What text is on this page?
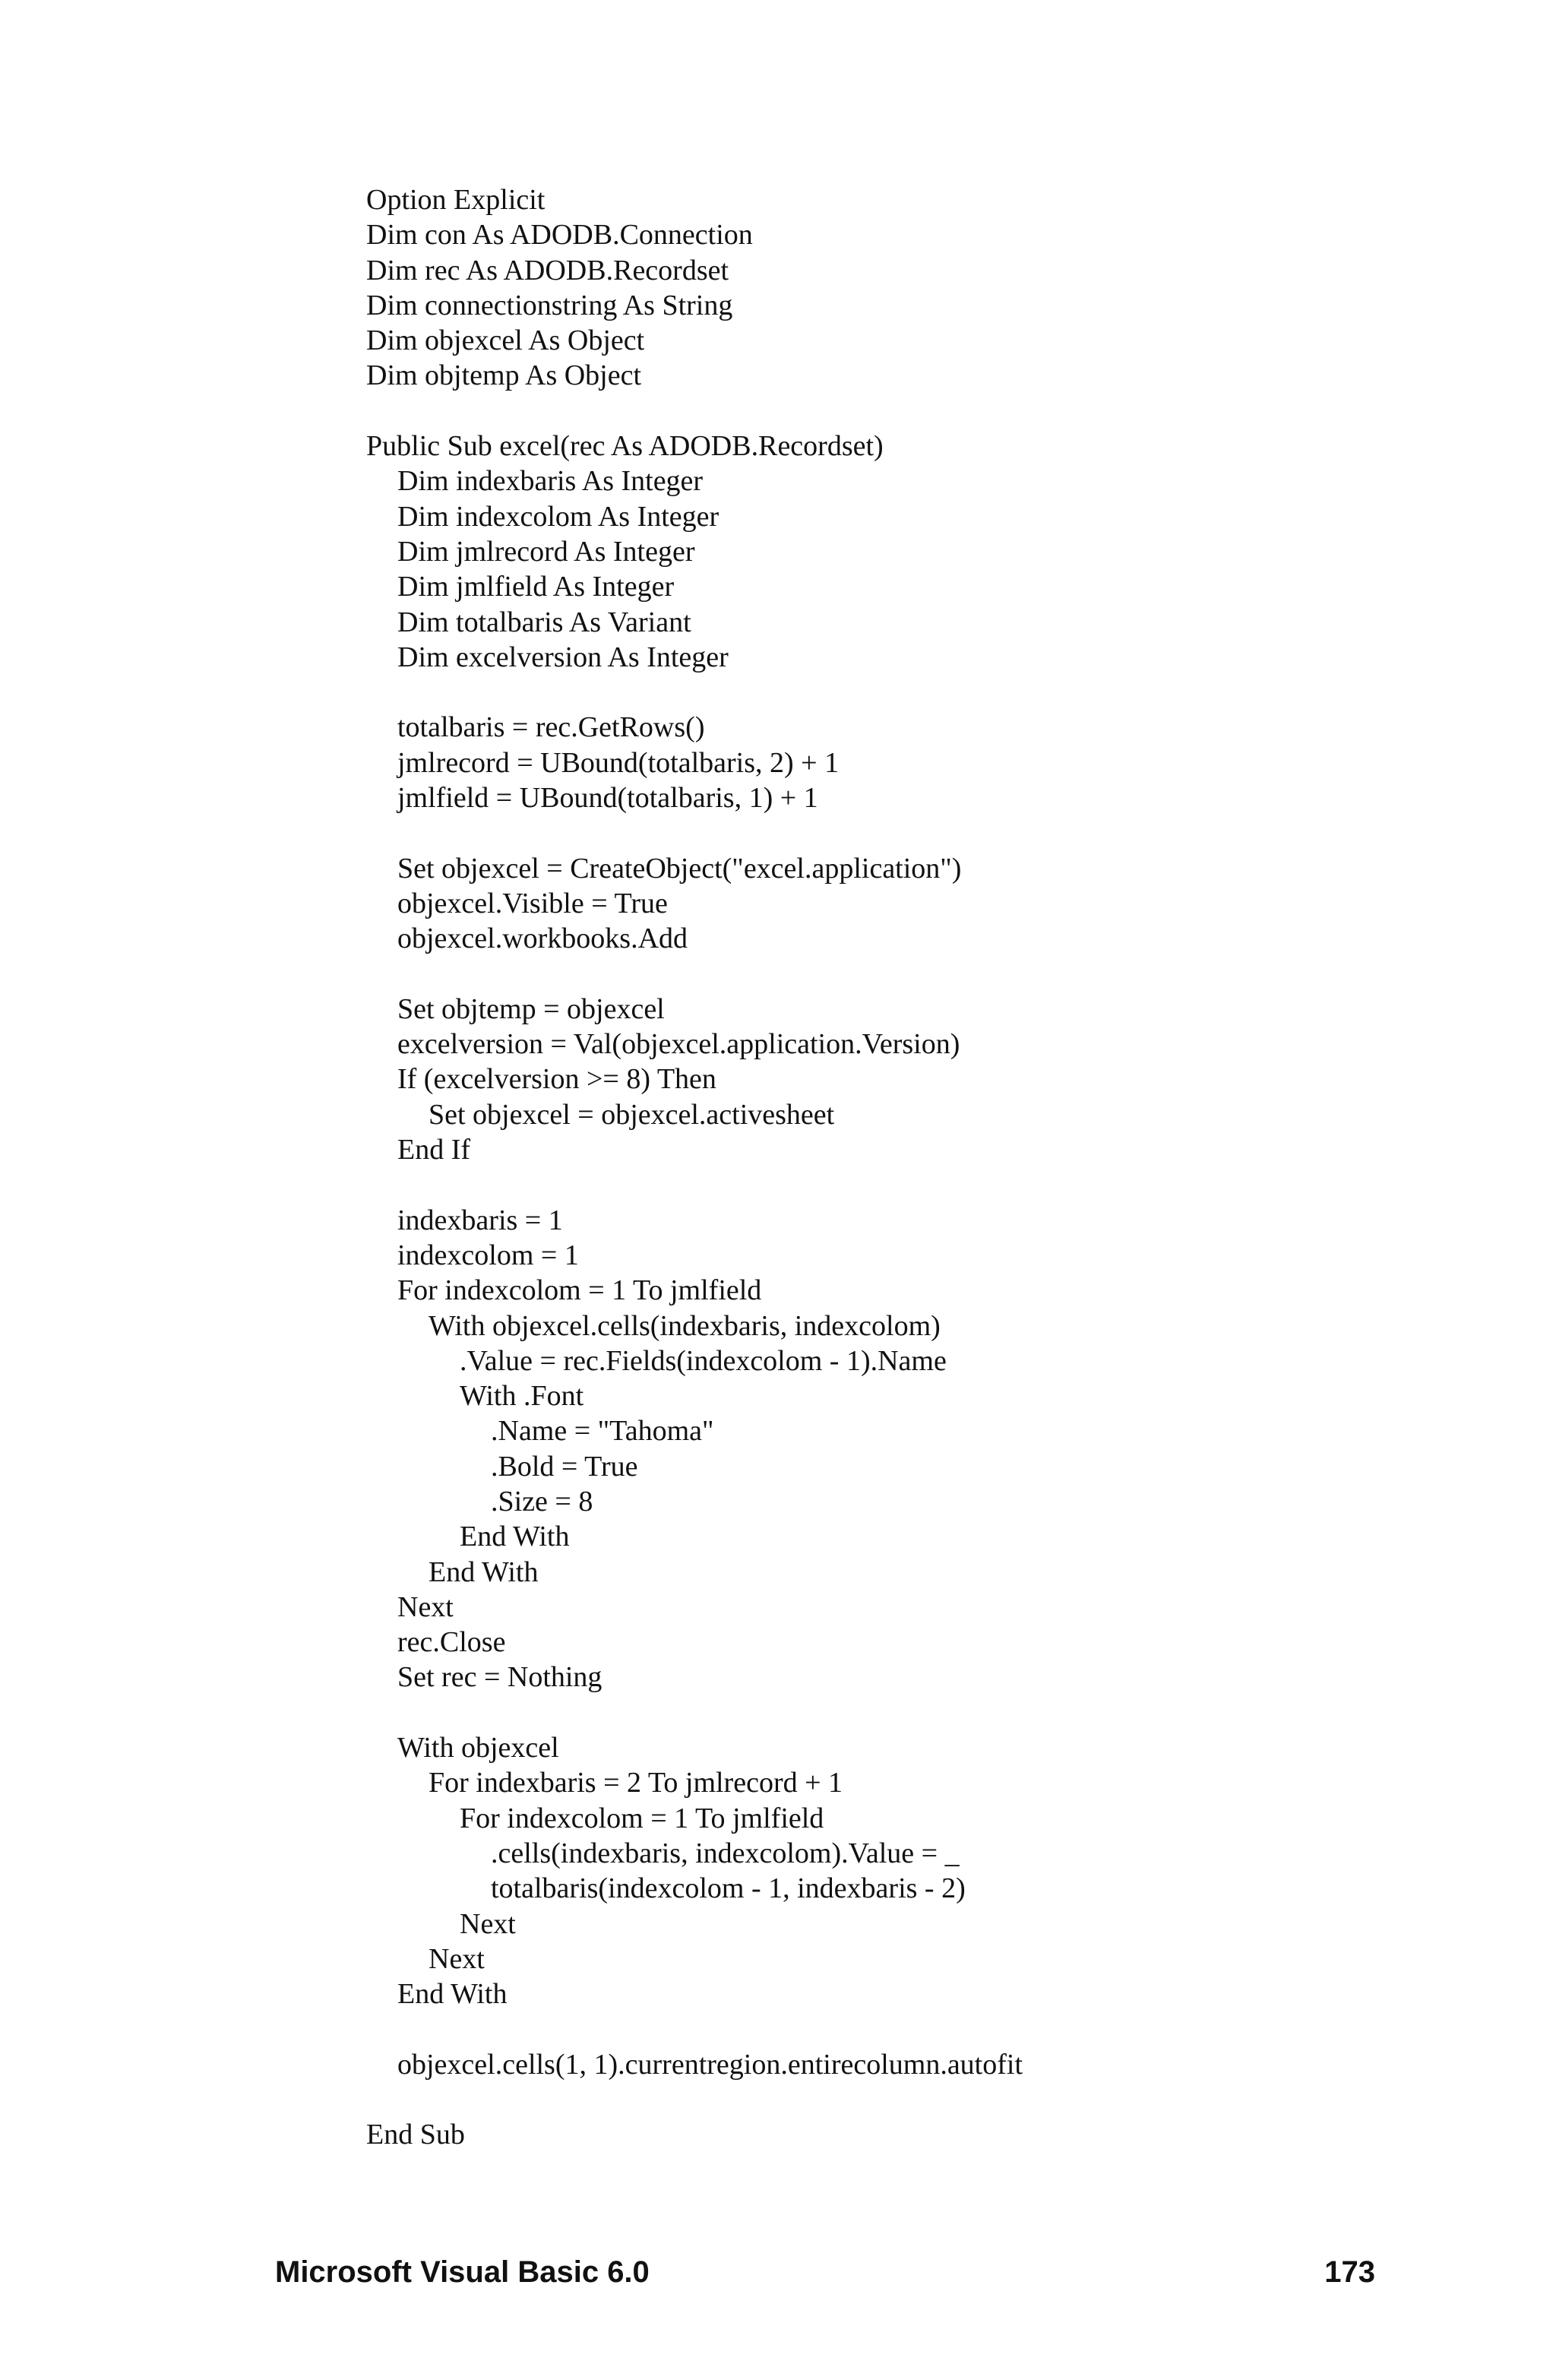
Option Explicit
Dim con As ADODB.Connection
Dim rec As ADODB.Recordset
Dim connectionstring As String
Dim objexcel As Object
Dim objtemp As Object
Public Sub excel(rec As ADODB.Recordset)
Dim indexbaris As Integer
Dim indexcolom As Integer
Dim jmlrecord As Integer
Dim jmlfield As Integer
Dim totalbaris As Variant
Dim excelversion As Integer
totalbaris = rec.GetRows()
jmlrecord = UBound(totalbaris, 2) + 1
jmlfield = UBound(totalbaris, 1) + 1
Set objexcel = CreateObject("excel.application")
objexcel.Visible = True
objexcel.workbooks.Add
Set objtemp = objexcel
excelversion = Val(objexcel.application.Version)
If (excelversion >= 8) Then
Set objexcel = objexcel.activesheet
End If
indexbaris = 1
indexcolom = 1
For indexcolom = 1 To jmlfield
With objexcel.cells(indexbaris, indexcolom)
.Value = rec.Fields(indexcolom - 1).Name
With .Font
.Name = "Tahoma"
.Bold = True
.Size = 8
End With
End With
Next
rec.Close
Set rec = Nothing
With objexcel
For indexbaris = 2 To jmlrecord + 1
For indexcolom = 1 To jmlfield
.cells(indexbaris, indexcolom).Value = _
totalbaris(indexcolom - 1, indexbaris - 2)
Next
Next
End With
objexcel.cells(1, 1).currentregion.entirecolumn.autofit
End Sub
Microsoft Visual Basic 6.0	173
